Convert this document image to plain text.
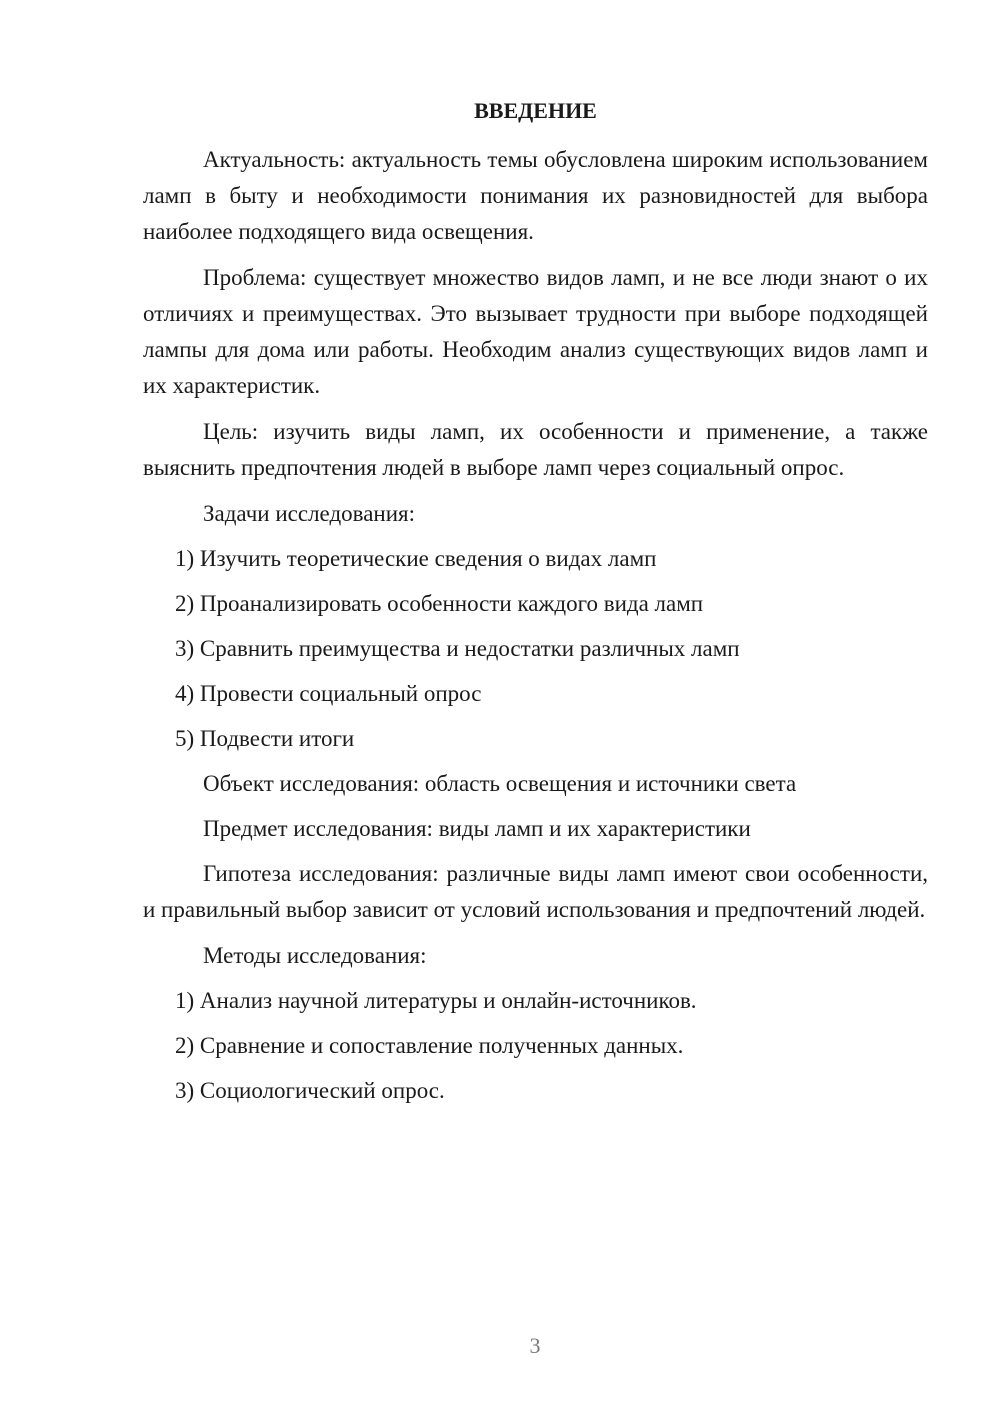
ВВЕДЕНИЕ

Актуальность: актуальность темы обусловлена широким использованием ламп в быту и необходимости понимания их разновидностей для выбора наиболее подходящего вида освещения.

Проблема: существует множество видов ламп, и не все люди знают о их отличиях и преимуществах. Это вызывает трудности при выборе подходящей лампы для дома или работы. Необходим анализ существующих видов ламп и их характеристик.

Цель: изучить виды ламп, их особенности и применение, а также выяснить предпочтения людей в выборе ламп через социальный опрос.

Задачи исследования:

1) Изучить теоретические сведения о видах ламп

2) Проанализировать особенности каждого вида ламп

3) Сравнить преимущества и недостатки различных ламп

4) Провести социальный опрос

5) Подвести итоги

Объект исследования: область освещения и источники света

Предмет исследования: виды ламп и их характеристики

Гипотеза исследования: различные виды ламп имеют свои особенности, и правильный выбор зависит от условий использования и предпочтений людей.

Методы исследования:

1) Анализ научной литературы и онлайн-источников.

2) Сравнение и сопоставление полученных данных.

3) Социологический опрос.

3
